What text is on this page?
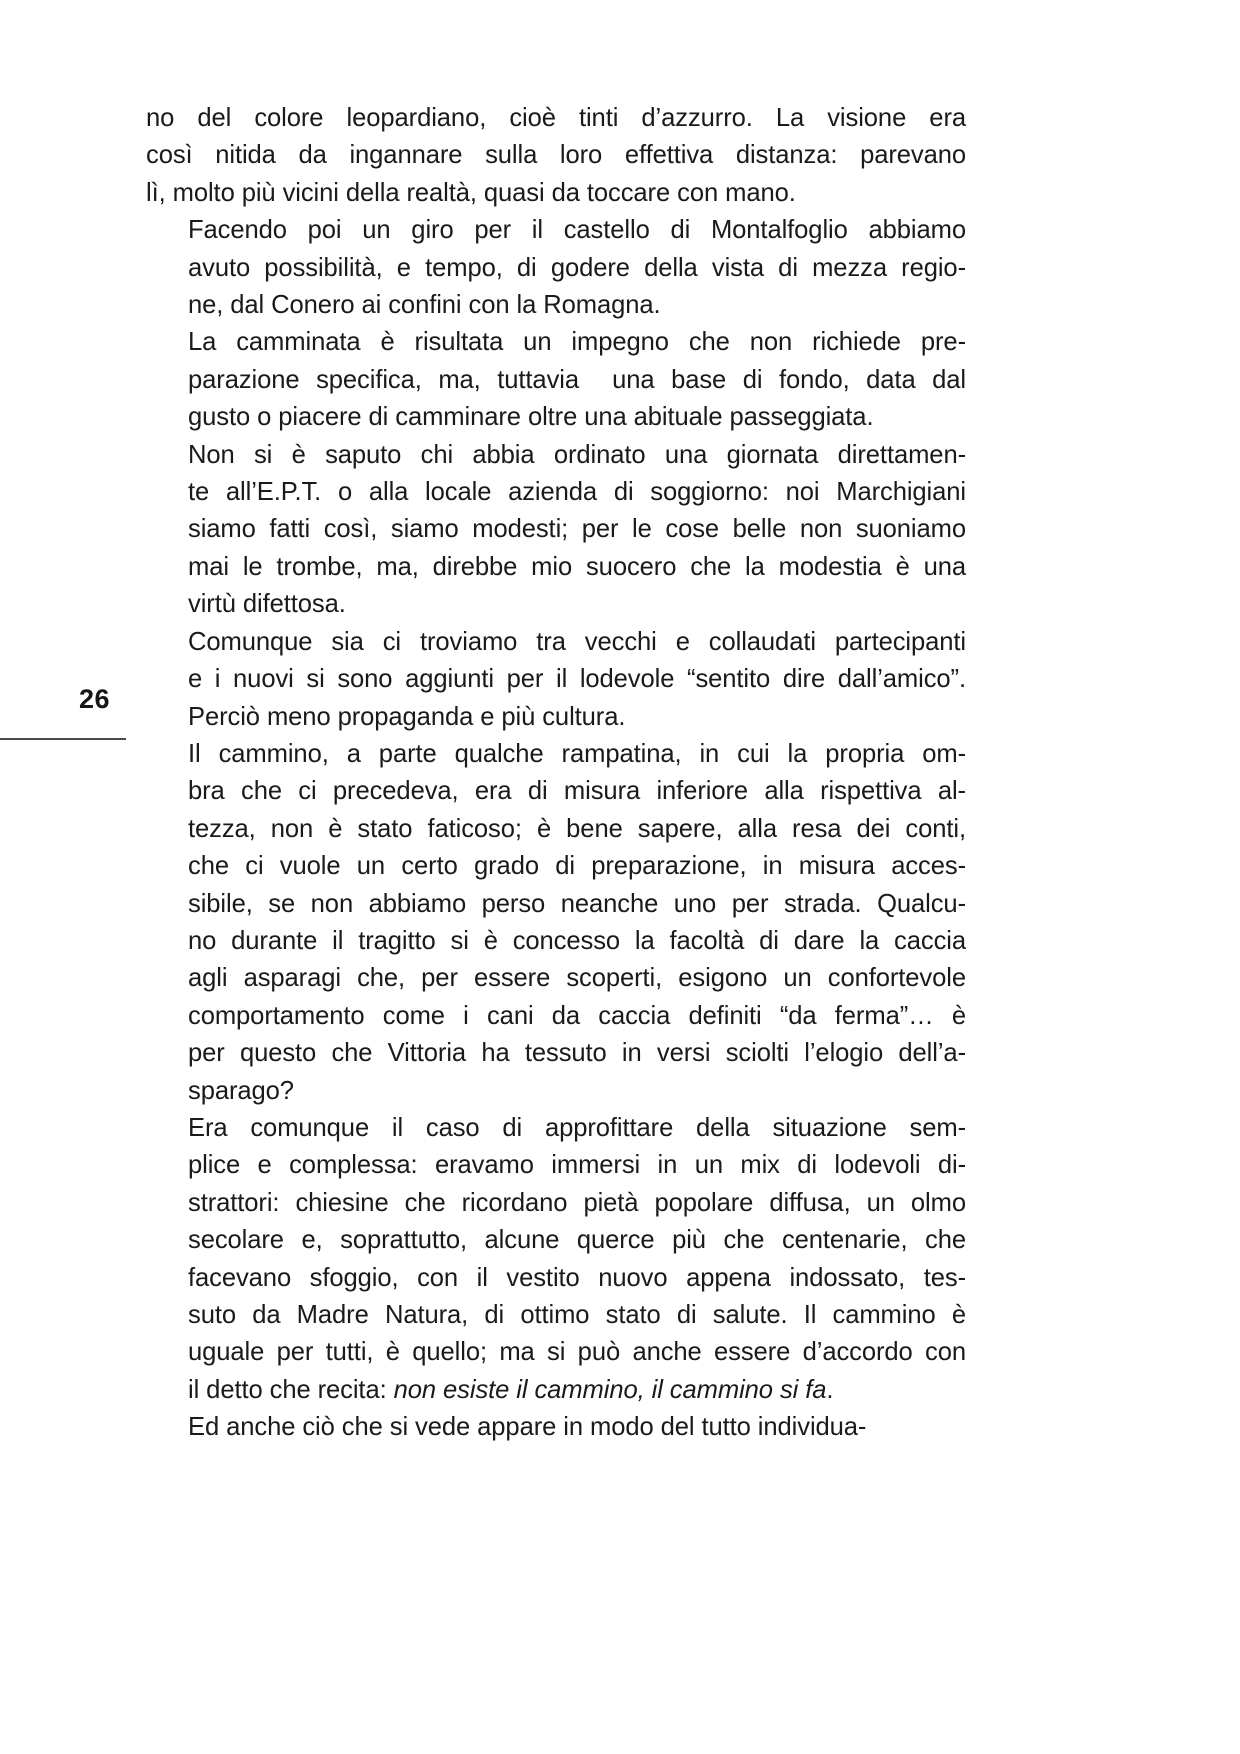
26

no del colore leopardiano, cioè tinti d’azzurro. La visione era
così nitida da ingannare sulla loro effettiva distanza: parevano
lì, molto più vicini della realtà, quasi da toccare con mano.

Facendo poi un giro per il castello di Montalfoglio abbiamo
avuto possibilità, e tempo, di godere della vista di mezza regio-
ne, dal Conero ai confini con la Romagna.

La camminata è risultata un impegno che non richiede pre-
parazione specifica, ma, tuttavia  una base di fondo, data dal
gusto o piacere di camminare oltre una abituale passeggiata.

Non si è saputo chi abbia ordinato una giornata direttamen-
te all’E.P.T. o alla locale azienda di soggiorno: noi Marchigiani
siamo fatti così, siamo modesti; per le cose belle non suoniamo
mai le trombe, ma, direbbe mio suocero che la modestia è una
virtù difettosa.

Comunque sia ci troviamo tra vecchi e collaudati partecipanti
e i nuovi si sono aggiunti per il lodevole “sentito dire dall’amico”.
Perciò meno propaganda e più cultura.

Il cammino, a parte qualche rampatina, in cui la propria om-
bra che ci precedeva, era di misura inferiore alla rispettiva al-
tezza, non è stato faticoso; è bene sapere, alla resa dei conti,
che ci vuole un certo grado di preparazione, in misura acces-
sibile, se non abbiamo perso neanche uno per strada. Qualcu-
no durante il tragitto si è concesso la facoltà di dare la caccia
agli asparagi che, per essere scoperti, esigono un confortevole
comportamento come i cani da caccia definiti “da ferma”… è
per questo che Vittoria ha tessuto in versi sciolti l’elogio dell’a-
sparago?

Era comunque il caso di approfittare della situazione sem-
plice e complessa: eravamo immersi in un mix di lodevoli di-
strattori: chiesine che ricordano pietà popolare diffusa, un olmo
secolare e, soprattutto, alcune querce più che centenarie, che
facevano sfoggio, con il vestito nuovo appena indossato, tes-
suto da Madre Natura, di ottimo stato di salute. Il cammino è
uguale per tutti, è quello; ma si può anche essere d’accordo con
il detto che recita: non esiste il cammino, il cammino si fa.

Ed anche ciò che si vede appare in modo del tutto individua-
